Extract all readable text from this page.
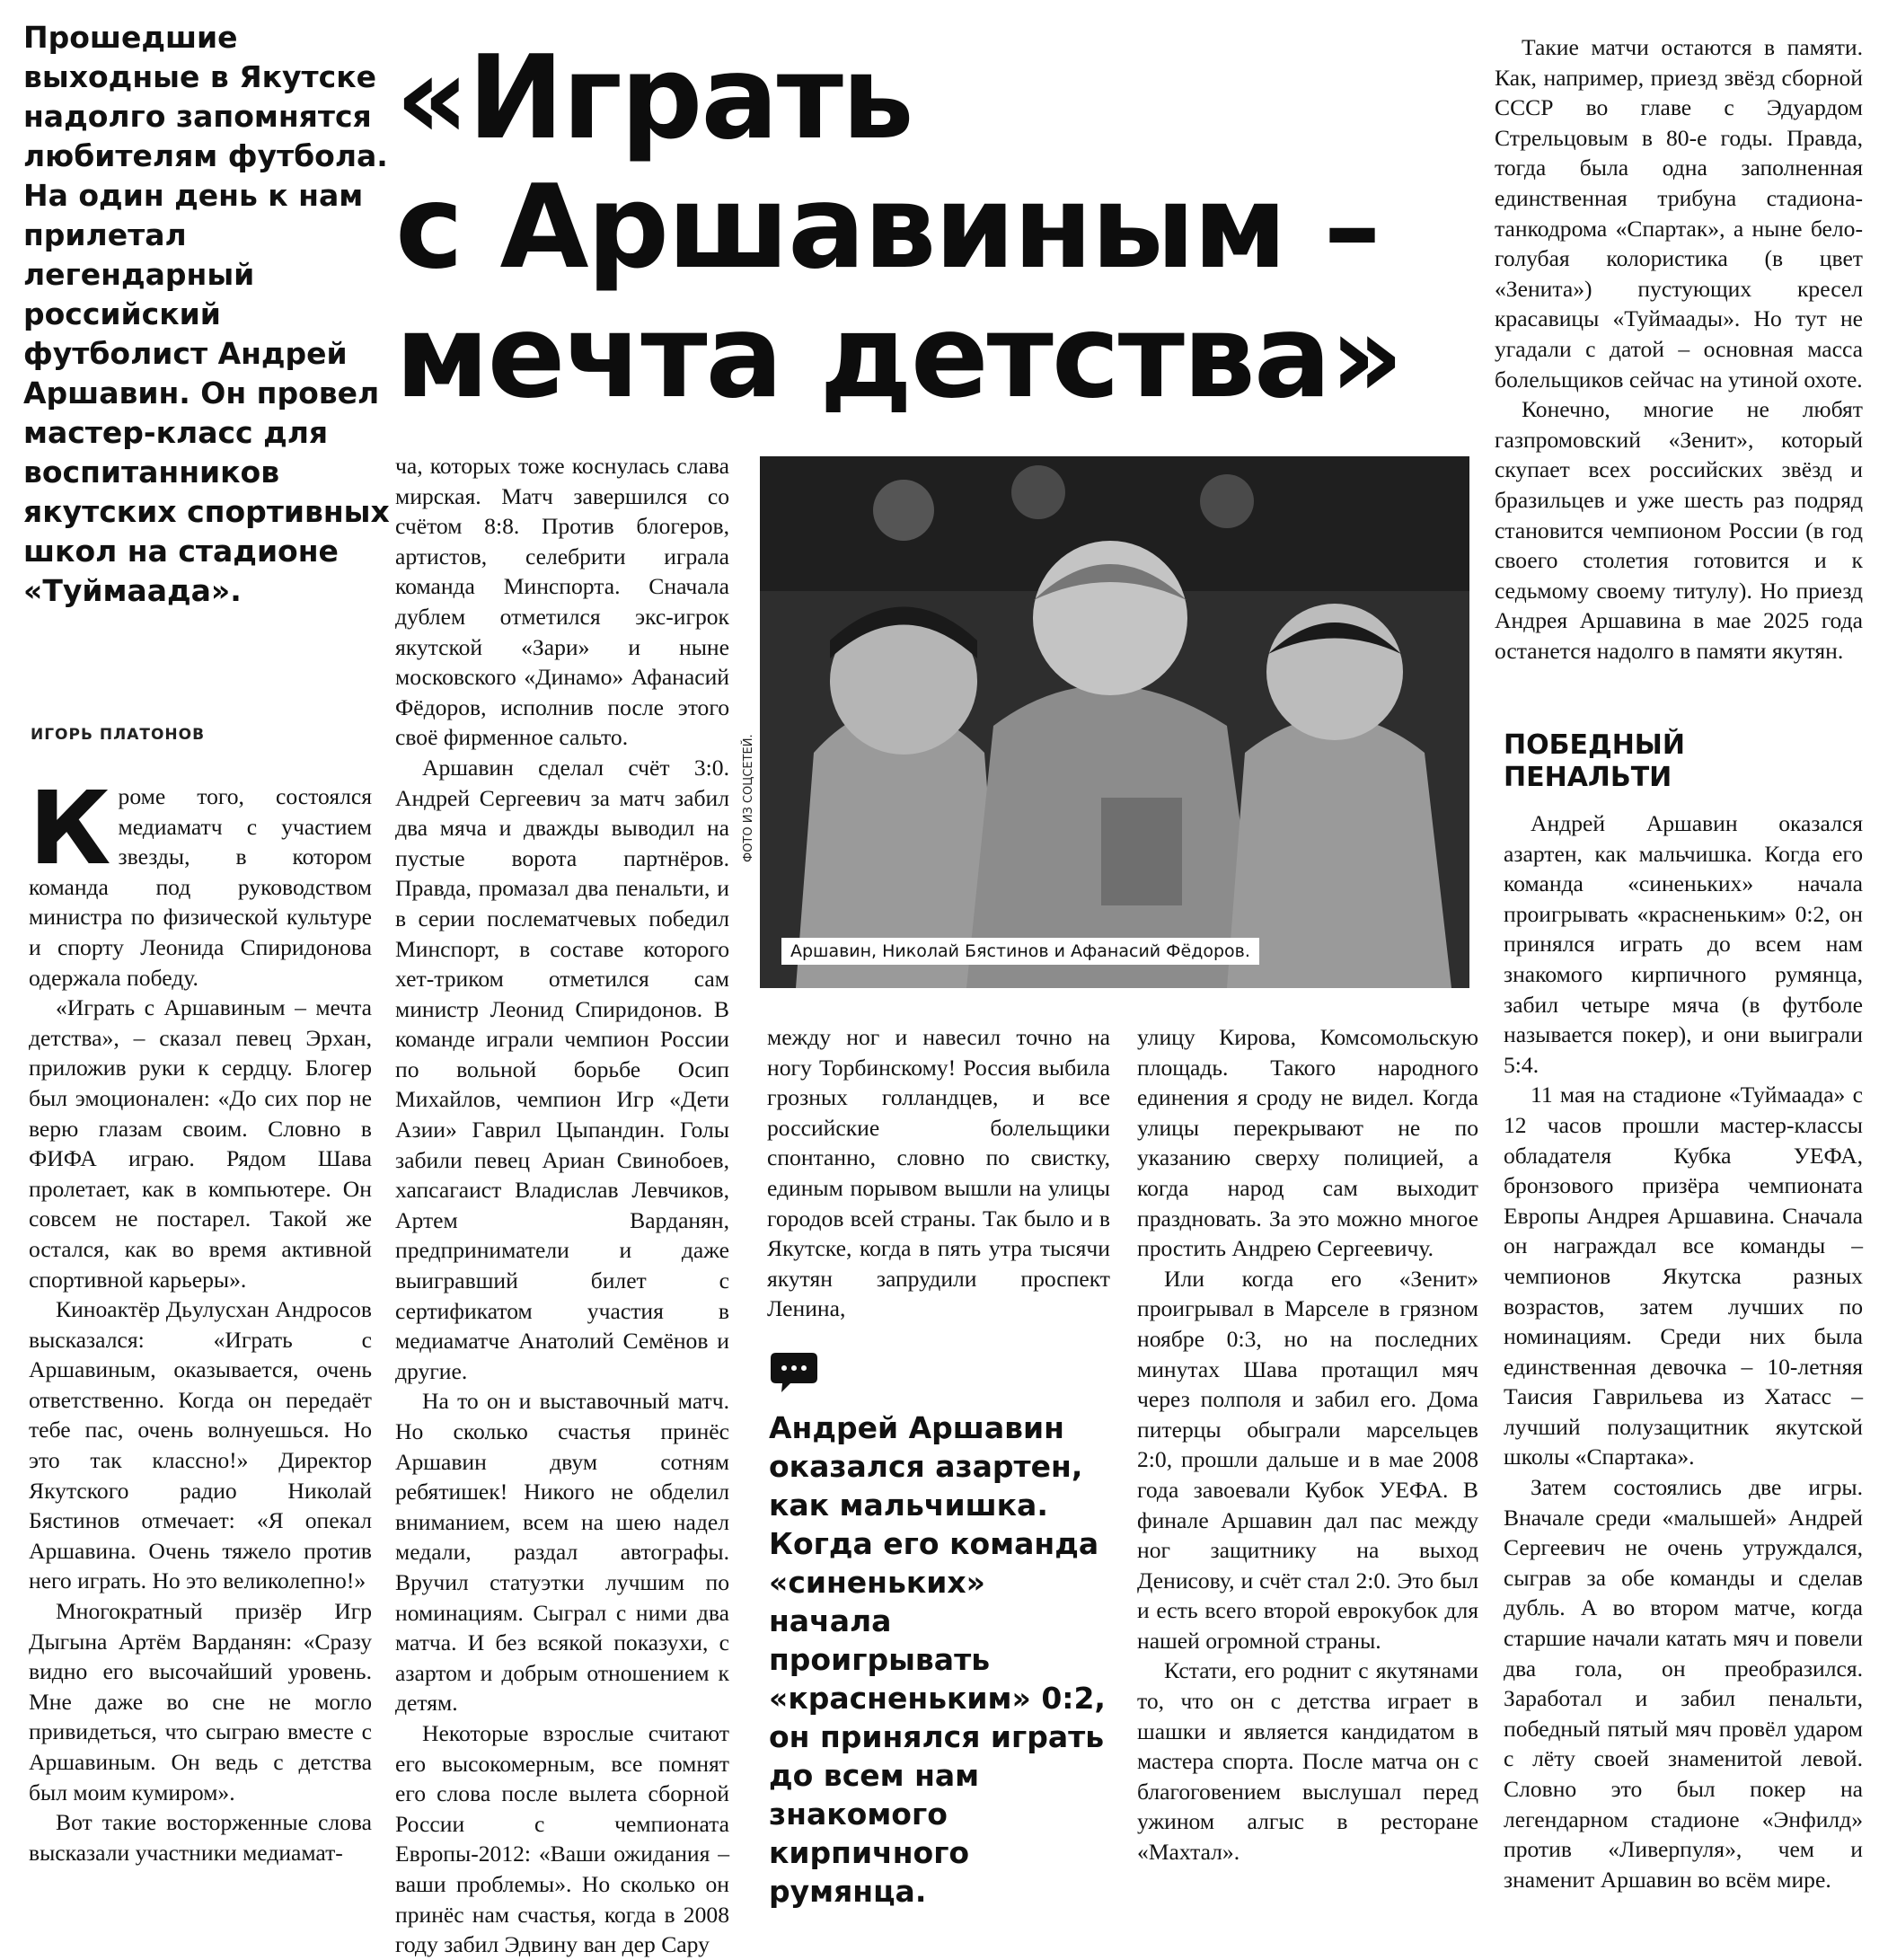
Прошедшие выходные в Якутске надолго запомнятся любителям футбола. На один день к нам прилетал легендарный российский футболист Андрей Аршавин. Он провел мастер-класс для воспитанников якутских спортивных школ на стадионе «Туймаада».
«Играть
с Аршавиным –
мечта детства»
ИГОРЬ ПЛАТОНОВ

Кроме того, состоялся медиаматч с участием звезды, в котором команда под руководством министра по физической культуре и спорту Леонида Спиридонова одержала победу.

«Играть с Аршавиным – мечта детства», – сказал певец Эрхан, приложив руки к сердцу. Блогер был эмоционален: «До сих пор не верю глазам своим. Словно в ФИФА играю. Рядом Шава пролетает, как в компьютере. Он совсем не постарел. Такой же остался, как во время активной спортивной карьеры».

Киноактёр Дьулусхан Андросов высказался: «Играть с Аршавиным, оказывается, очень ответственно. Когда он передаёт тебе пас, очень волнуешься. Но это так классно!» Директор Якутского радио Николай Бястинов отмечает: «Я опекал Аршавина. Очень тяжело против него играть. Но это великолепно!»

Многократный призёр Игр Дыгына Артём Варданян: «Сразу видно его высочайший уровень. Мне даже во сне не могло привидеться, что сыграю вместе с Аршавиным. Он ведь с детства был моим кумиром».

Вот такие восторженные слова высказали участники медиамат-

ча, которых тоже коснулась слава мирская. Матч завершился со счётом 8:8. Против блогеров, артистов, селебрити играла команда Минспорта. Сначала дублем отметился экс-игрок якутской «Зари» и ныне московского «Динамо» Афанасий Фёдоров, исполнив после этого своё фирменное сальто.

Аршавин сделал счёт 3:0. Андрей Сергеевич за матч забил два мяча и дважды выводил на пустые ворота партнёров. Правда, промазал два пенальти, и в серии послематчевых победил Минспорт, в составе которого хет-триком отметился сам министр Леонид Спиридонов. В команде играли чемпион России по вольной борьбе Осип Михайлов, чемпион Игр «Дети Азии» Гаврил Цыпандин. Голы забили певец Ариан Свинобоев, хапсагаист Владислав Левчиков, Артем Варданян, предприниматели и даже выигравший билет с сертификатом участия в медиаматче Анатолий Семёнов и другие.

На то он и выставочный матч. Но сколько счастья принёс Аршавин двум сотням ребятишек! Никого не обделил вниманием, всем на шею надел медали, раздал автографы. Вручил статуэтки лучшим по номинациям. Сыграл с ними два матча. И без всякой показухи, с азартом и добрым отношением к детям.

Некоторые взрослые считают его высокомерным, все помнят его слова после вылета сборной России с чемпионата Европы-2012: «Ваши ожидания – ваши проблемы». Но сколько он принёс нам счастья, когда в 2008 году забил Эдвину ван дер Сару

Аршавин, Николай Бястинов и Афанасий Фёдоров.
ФОТО ИЗ СОЦСЕТЕЙ.

между ног и навесил точно на ногу Торбинскому! Россия выбила грозных голландцев, и все российские болельщики спонтанно, словно по свистку, единым порывом вышли на улицы городов всей страны. Так было и в Якутске, когда в пять утра тысячи якутян запрудили проспект Ленина,

улицу Кирова, Комсомольскую площадь. Такого народного единения я сроду не видел. Когда улицы перекрывают не по указанию сверху полицией, а когда народ сам выходит праздновать. За это можно многое простить Андрею Сергеевичу.

Или когда его «Зенит» проигрывал в Марселе в грязном ноябре 0:3, но на последних минутах Шава протащил мяч через полполя и забил его. Дома питерцы обыграли марсельцев 2:0, прошли дальше и в мае 2008 года завоевали Кубок УЕФА. В финале Аршавин дал пас между ног защитнику на выход Денисову, и счёт стал 2:0. Это был и есть всего второй еврокубок для нашей огромной страны.

Кстати, его роднит с якутянами то, что он с детства играет в шашки и является кандидатом в мастера спорта. После матча он с благоговением выслушал перед ужином алгыс в ресторане «Махтал».

Андрей Аршавин оказался азартен, как мальчишка. Когда его команда «синеньких» начала проигрывать «красненьким» 0:2, он принялся играть до всем нам знакомого кирпичного румянца.

Такие матчи остаются в памяти. Как, например, приезд звёзд сборной СССР во главе с Эдуардом Стрельцовым в 80-е годы. Правда, тогда была одна заполненная единственная трибуна стадиона-танкодрома «Спартак», а ныне бело-голубая колористика (в цвет «Зенита») пустующих кресел красавицы «Туймаады». Но тут не угадали с датой – основная масса болельщиков сейчас на утиной охоте.

Конечно, многие не любят газпромовский «Зенит», который скупает всех российских звёзд и бразильцев и уже шесть раз подряд становится чемпионом России (в год своего столетия готовится и к седьмому своему титулу). Но приезд Андрея Аршавина в мае 2025 года останется надолго в памяти якутян.

ПОБЕДНЫЙ ПЕНАЛЬТИ

Андрей Аршавин оказался азартен, как мальчишка. Когда его команда «синеньких» начала проигрывать «красненьким» 0:2, он принялся играть до всем нам знакомого кирпичного румянца, забил четыре мяча (в футболе называется покер), и они выиграли 5:4.

11 мая на стадионе «Туймаада» с 12 часов прошли мастер-классы обладателя Кубка УЕФА, бронзового призёра чемпионата Европы Андрея Аршавина. Сначала он награждал все команды – чемпионов Якутска разных возрастов, затем лучших по номинациям. Среди них была единственная девочка – 10-летняя Таисия Гаврильева из Хатасс – лучший полузащитник якутской школы «Спартака».

Затем состоялись две игры. Вначале среди «малышей» Андрей Сергеевич не очень утруждался, сыграв за обе команды и сделав дубль. А во втором матче, когда старшие начали катать мяч и повели два гола, он преобразился. Заработал и забил пенальти, победный пятый мяч провёл ударом с лёту своей знаменитой левой. Словно это был покер на легендарном стадионе «Энфилд» против «Ливерпуля», чем и знаменит Аршавин во всём мире.
